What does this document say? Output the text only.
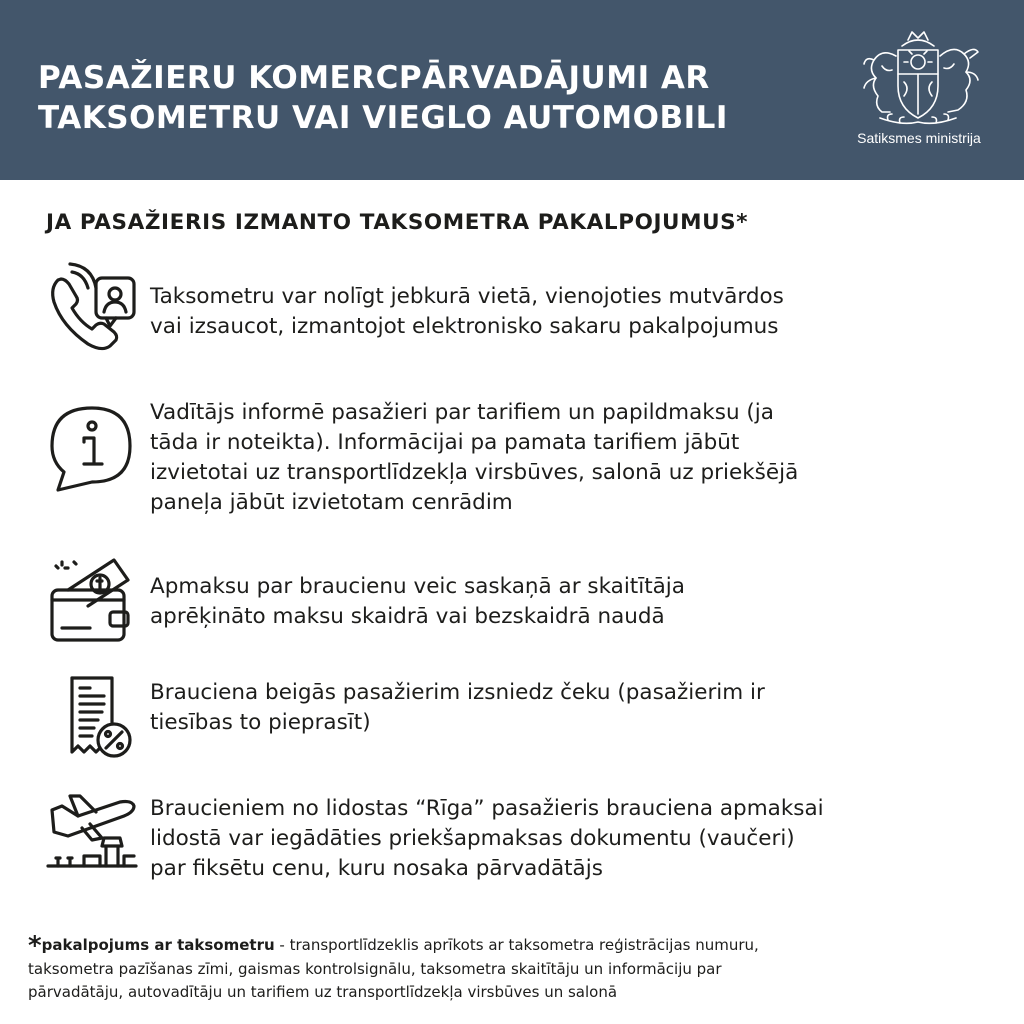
PASAŽIERU KOMERCPĀRVADĀJUMI AR
TAKSOMETRU VAI VIEGLO AUTOMOBILI
Satiksmes ministrija
JA PASAŽIERIS IZMANTO TAKSOMETRA PAKALPOJUMUS*
Taksometru var nolīgt jebkurā vietā, vienojoties mutvārdos
vai izsaucot, izmantojot elektronisko sakaru pakalpojumus
Vadītājs informē pasažieri par tarifiem un papildmaksu (ja
tāda ir noteikta). Informācijai pa pamata tarifiem jābūt
izvietotai uz transportlīdzekļa virsbūves, salonā uz priekšējā
paneļa jābūt izvietotam cenrādim
Apmaksu par braucienu veic saskaņā ar skaitītāja
aprēķināto maksu skaidrā vai bezskaidrā naudā
Brauciena beigās pasažierim izsniedz čeku (pasažierim ir
tiesības to pieprasīt)
Braucieniem no lidostas “Rīga” pasažieris brauciena apmaksai
lidostā var iegādāties priekšapmaksas dokumentu (vaučeri)
par fiksētu cenu, kuru nosaka pārvadātājs
*pakalpojums ar taksometru - transportlīdzeklis aprīkots ar taksometra reģistrācijas numuru,
taksometra pazīšanas zīmi, gaismas kontrolsignālu, taksometra skaitītāju un informāciju par
pārvadātāju, autovadītāju un tarifiem uz transportlīdzekļa virsbūves un salonā
